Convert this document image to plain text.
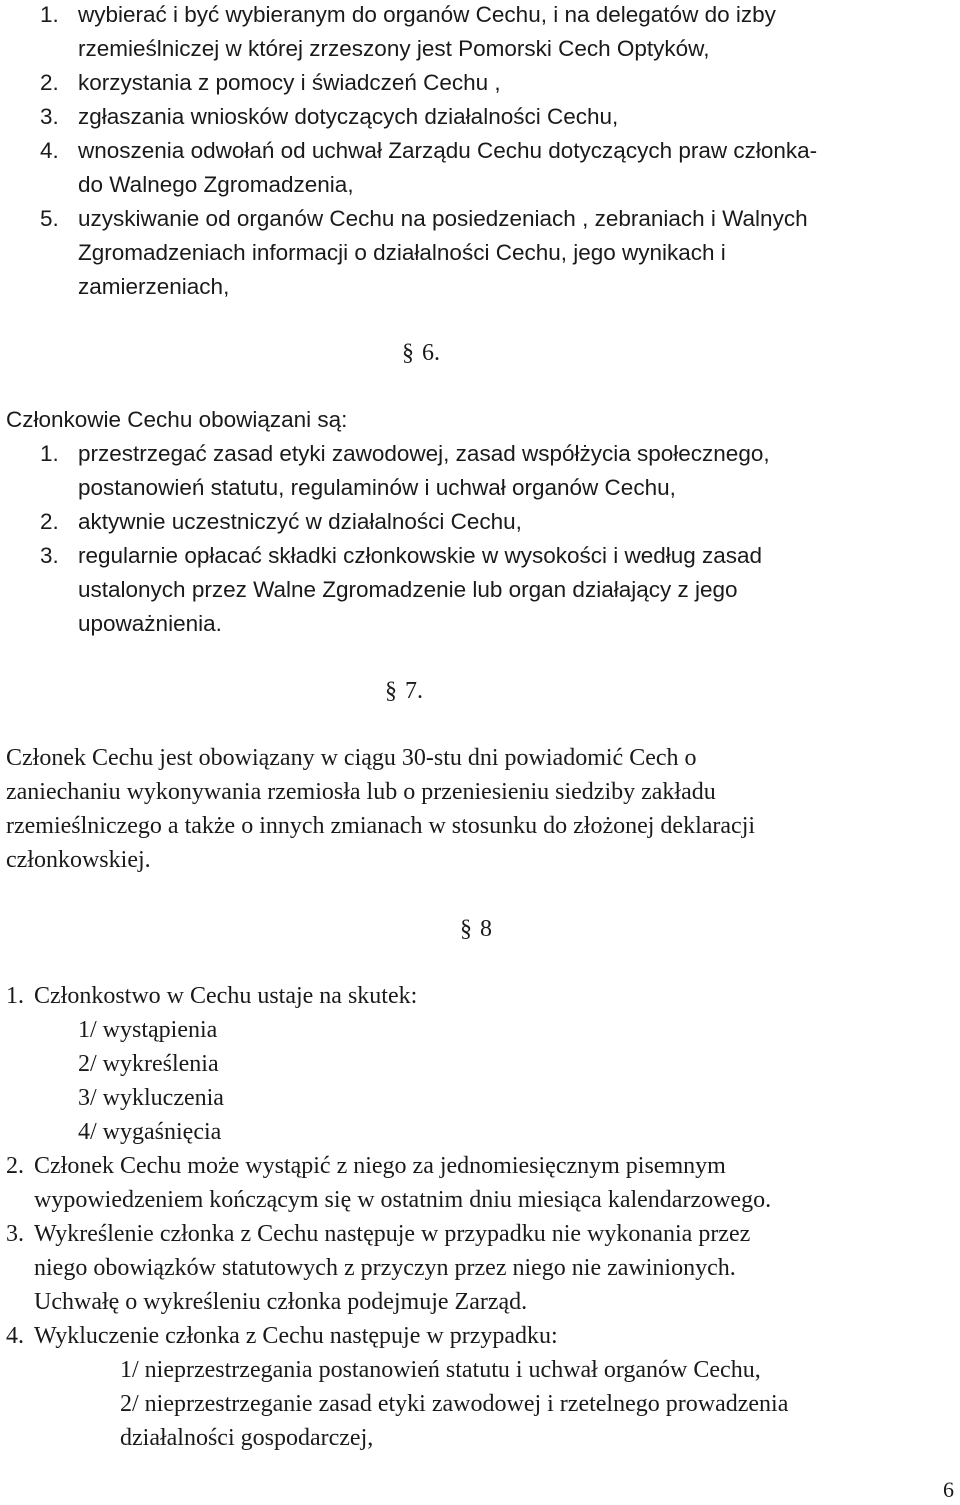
1. wybierać i być wybieranym do organów Cechu, i na delegatów do izby
rzemieślniczej w której zrzeszony jest Pomorski Cech Optyków,
2. korzystania z pomocy i świadczeń Cechu ,
3. zgłaszania wniosków dotyczących działalności Cechu,
4. wnoszenia odwołań od uchwał Zarządu Cechu dotyczących praw członka-
do Walnego Zgromadzenia,
5. uzyskiwanie od organów Cechu na posiedzeniach , zebraniach i Walnych
Zgromadzeniach informacji o działalności Cechu, jego wynikach i
zamierzeniach,
§ 6.
Członkowie Cechu obowiązani są:
1. przestrzegać zasad etyki zawodowej, zasad współżycia społecznego,
postanowień statutu, regulaminów i uchwał organów Cechu,
2. aktywnie uczestniczyć w działalności Cechu,
3. regularnie opłacać składki członkowskie w wysokości i według zasad
ustalonych przez Walne Zgromadzenie lub organ działający z jego
upoważnienia.
§ 7.
Członek Cechu jest obowiązany w ciągu 30-stu dni powiadomić Cech o
zaniechaniu wykonywania rzemiosła lub o przeniesieniu siedziby zakładu
rzemieślniczego a także o innych zmianach w stosunku do złożonej deklaracji
członkowskiej.
§ 8
1. Członkostwo w Cechu ustaje na skutek:
1/ wystąpienia
2/ wykreślenia
3/ wykluczenia
4/ wygaśnięcia
2. Członek Cechu może wystąpić z niego za jednomiesięcznym pisemnym
wypowiedzeniem kończącym się w ostatnim dniu miesiąca kalendarzowego.
3. Wykreślenie członka z Cechu następuje w przypadku nie wykonania przez
niego obowiązków statutowych z przyczyn przez niego nie zawinionych.
Uchwałę o wykreśleniu członka podejmuje Zarząd.
4. Wykluczenie członka z Cechu następuje w przypadku:
1/ nieprzestrzegania postanowień statutu i uchwał organów Cechu,
2/ nieprzestrzeganie zasad etyki zawodowej i rzetelnego prowadzenia
działalności gospodarczej,
6
